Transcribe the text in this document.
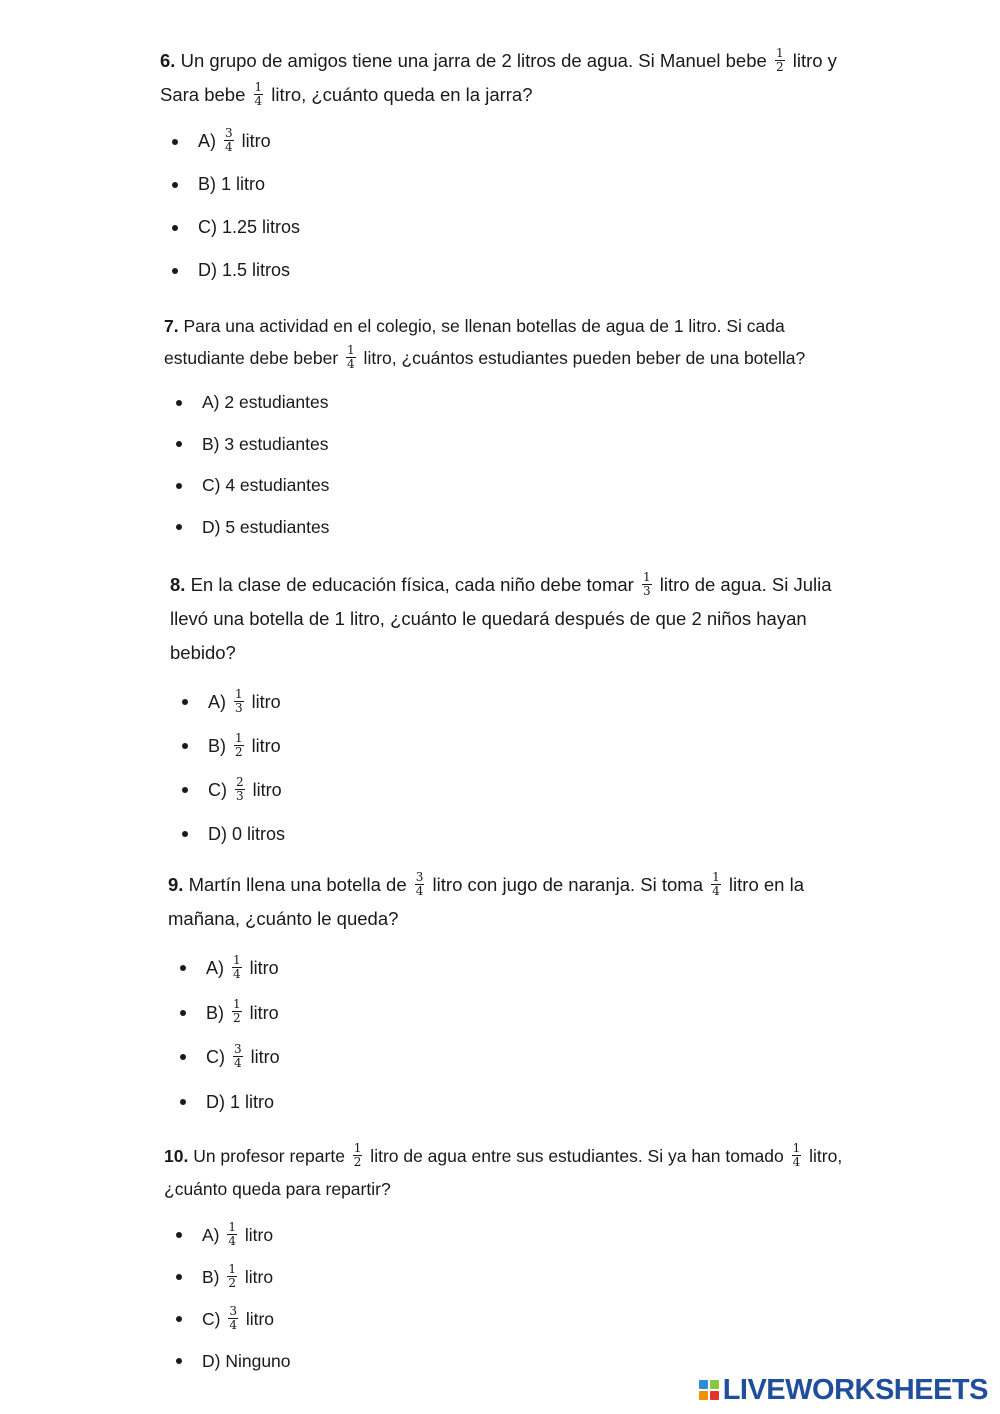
6. Un grupo de amigos tiene una jarra de 2 litros de agua. Si Manuel bebe $\frac{1}{2}$ litro y Sara bebe $\frac{1}{4}$ litro, ¿cuánto queda en la jarra?

$A) \frac{3}{4}$ litro
B) 1 litro
C) 1.25 litros
D) 1.5 litros

7. Para una actividad en el colegio, se llenan botellas de agua de 1 litro. Si cada estudiante debe beber $\frac{1}{4}$ litro, ¿cuántos estudiantes pueden beber de una botella?

A) 2 estudiantes
B) 3 estudiantes
C) 4 estudiantes
D) 5 estudiantes

8. En la clase de educación física, cada niño debe tomar $\frac{1}{3}$ litro de agua. Si Julia llevó una botella de 1 litro, ¿cuánto le quedará después de que 2 niños hayan bebido?

$A) \frac{1}{3}$ litro
$B) \frac{1}{2}$ litro
$C) \frac{2}{3}$ litro
D) 0 litros

9. Martín llena una botella de $\frac{3}{4}$ litro con jugo de naranja. Si toma $\frac{1}{4}$ litro en la mañana, ¿cuánto le queda?

$A) \frac{1}{4}$ litro
$B) \frac{1}{2}$ litro
$C) \frac{3}{4}$ litro
D) 1 litro

10. Un profesor reparte $\frac{1}{2}$ litro de agua entre sus estudiantes. Si ya han tomado $\frac{1}{4}$ litro, ¿cuánto queda para repartir?

$A) \frac{1}{4}$ litro
$B) \frac{1}{2}$ litro
$C) \frac{3}{4}$ litro
D) Ninguno
LIVEWORKSHEETS
